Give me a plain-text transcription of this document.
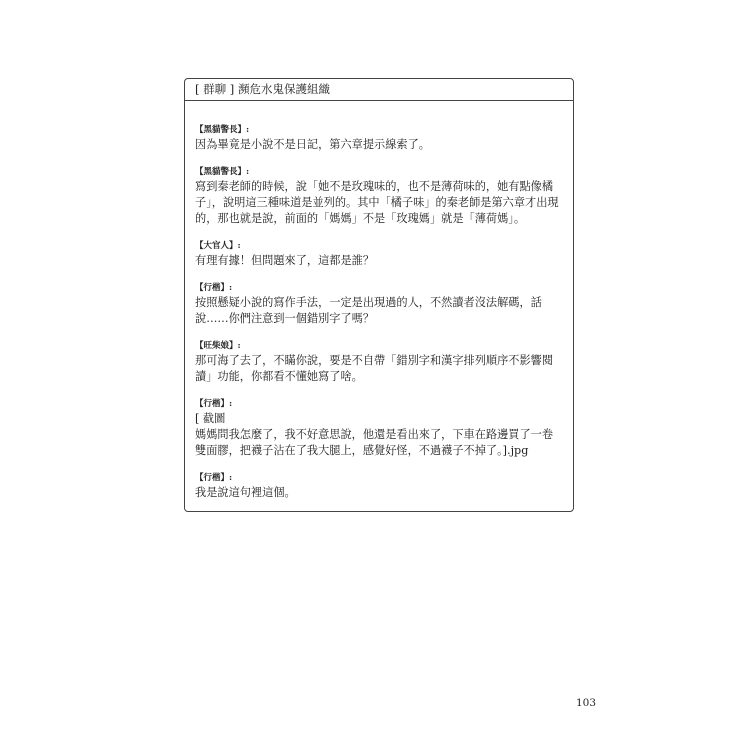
[ 群聊 ] 瀕危水鬼保護組織
【黑貓警長】:
因為畢竟是小說不是日記，第六章提示線索了。
【黑貓警長】:
寫到秦老師的時候，說「她不是玫瑰味的，也不是薄荷味的，她有點像橘子」，說明這三種味道是並列的。其中「橘子味」的秦老師是第六章才出現的，那也就是說，前面的「媽媽」不是「玫瑰媽」就是「薄荷媽」。
【大官人】:
有理有據！但問題來了，這都是誰？
【行楷】:
按照懸疑小說的寫作手法，一定是出現過的人，不然讀者沒法解碼，話說……你們注意到一個錯別字了嗎？
【旺柴娘】:
那可海了去了，不瞞你說，要是不自帶「錯別字和漢字排列順序不影響閱讀」功能，你都看不懂她寫了啥。
【行楷】:
[ 截圖
媽媽問我怎麼了，我不好意思說，他還是看出來了，下車在路邊買了一卷雙面膠，把襪子沾在了我大腿上，感覺好怪，不過襪子不掉了。].jpg
【行楷】:
我是說這句裡這個。
103
